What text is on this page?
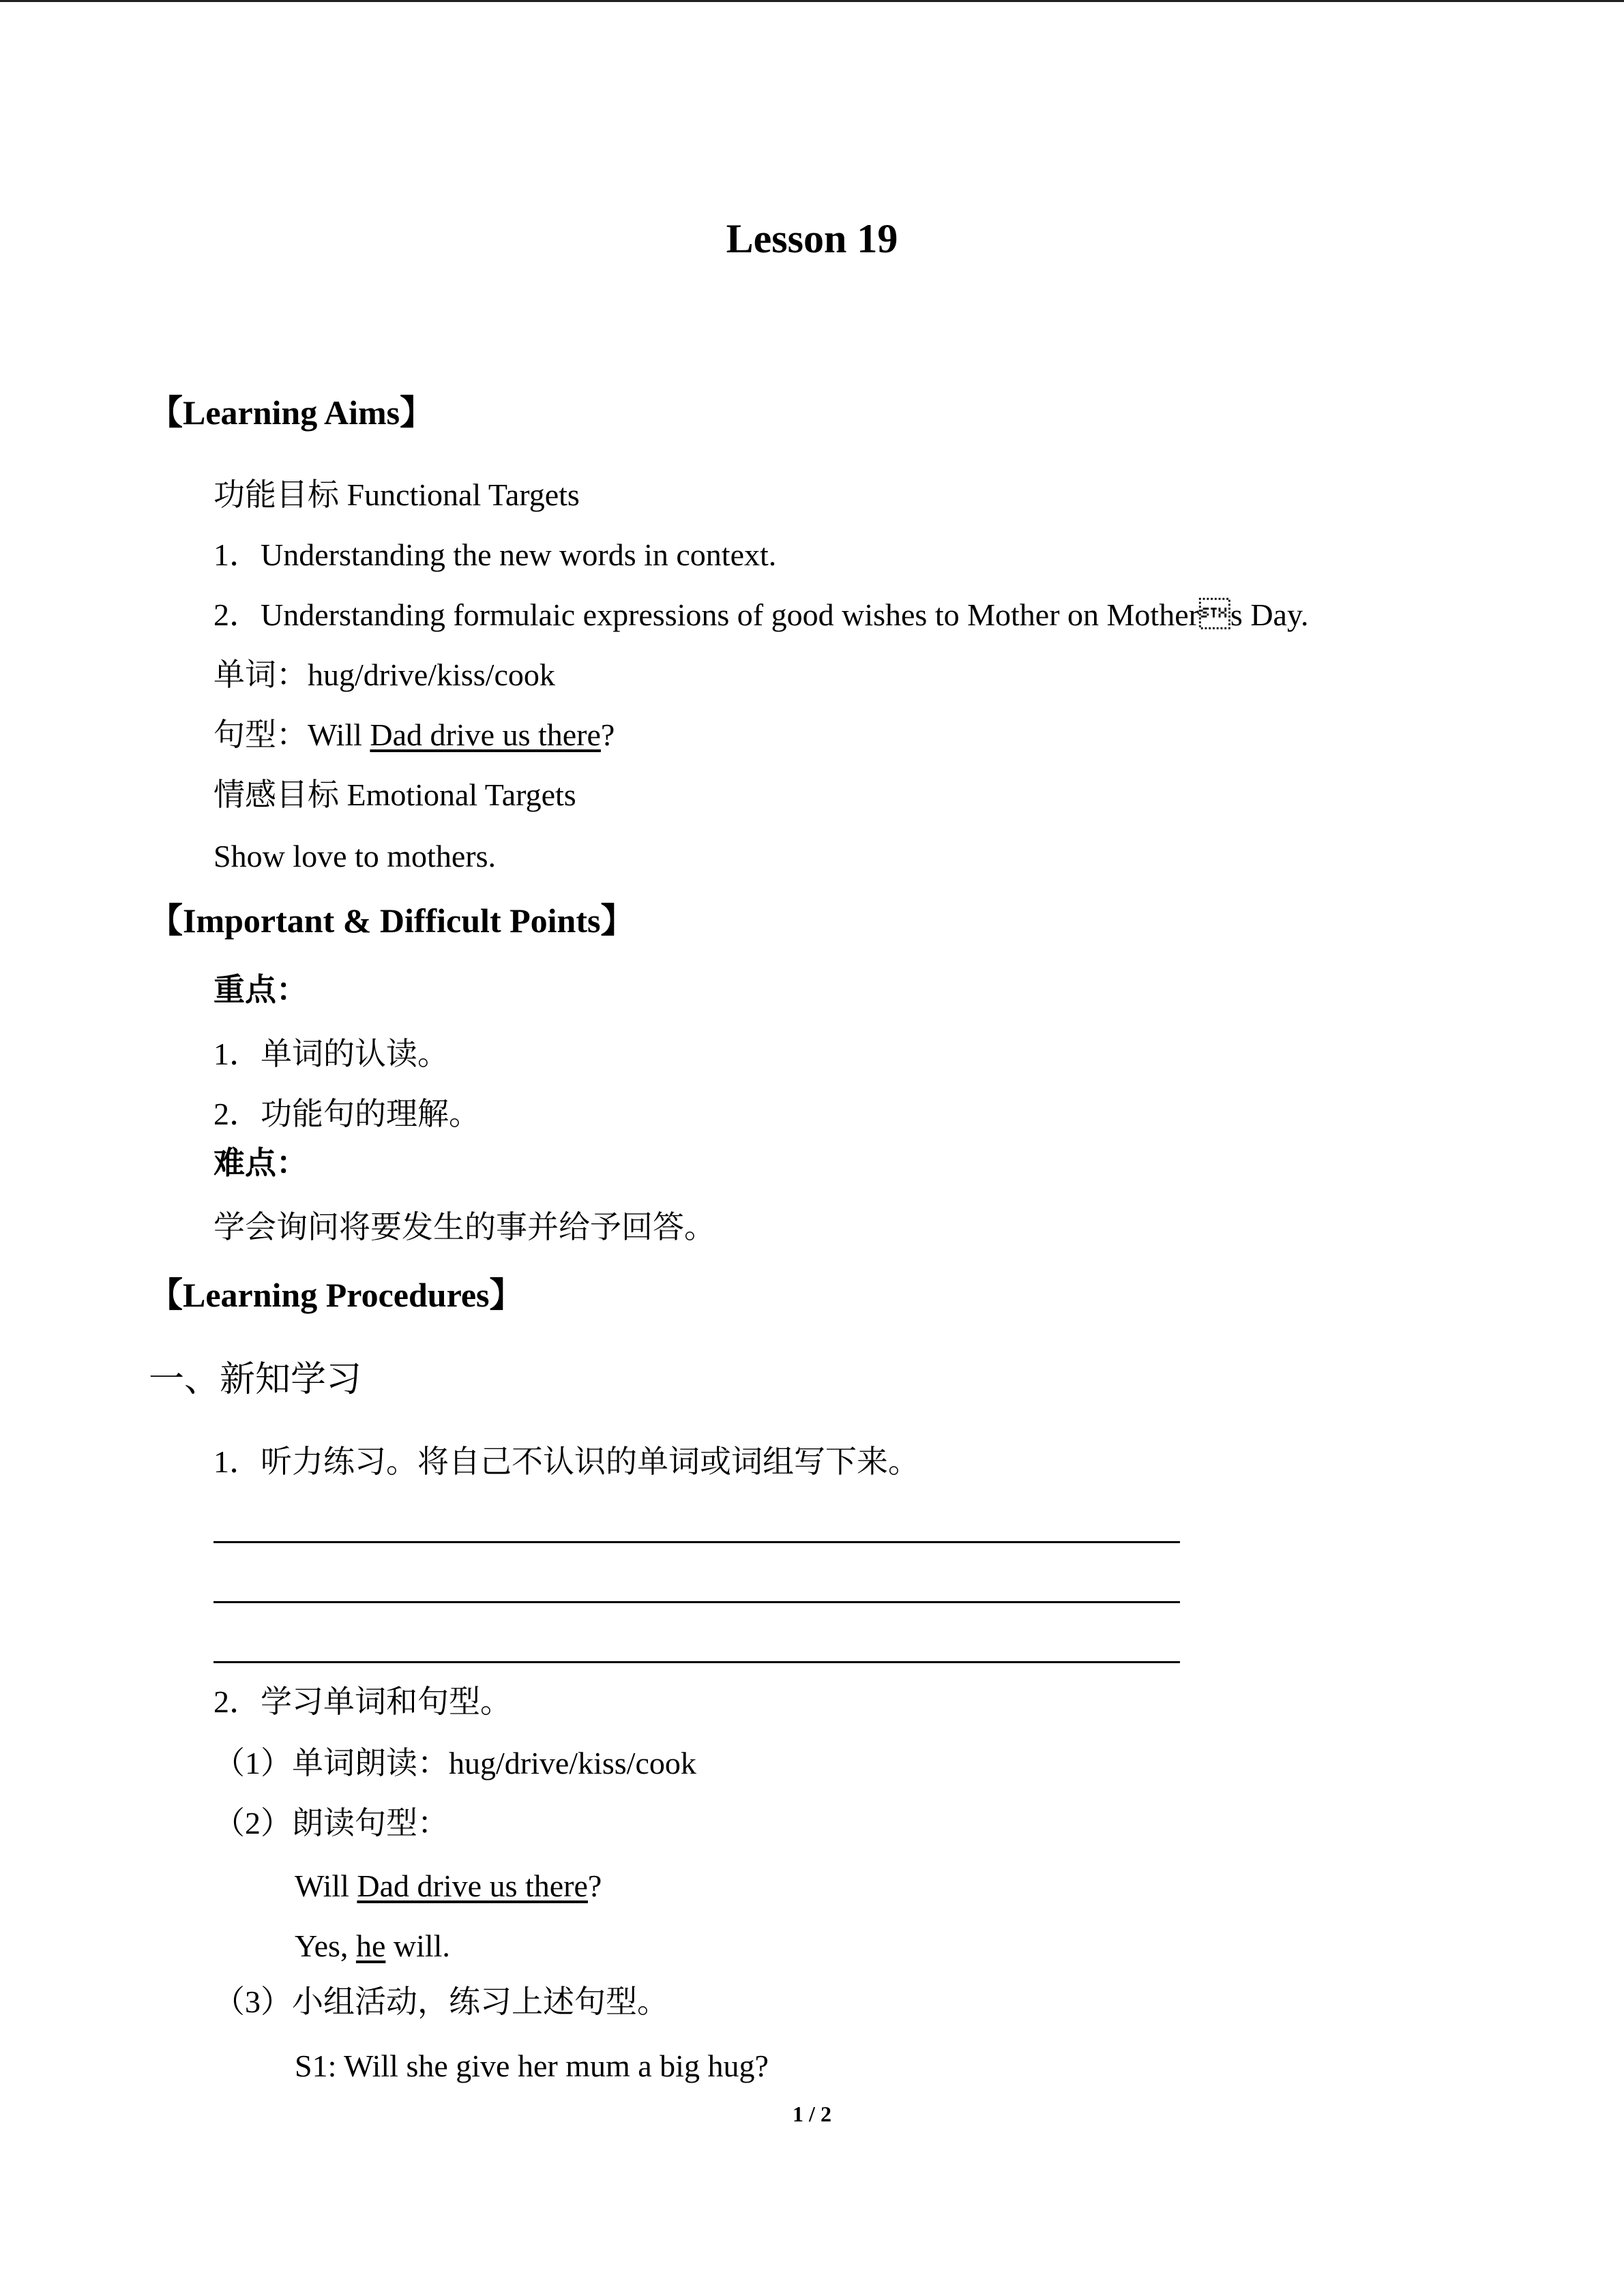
Lesson 19
【Learning Aims】
功能目标 Functional Targets
1．Understanding the new words in context.
2．Understanding formulaic expressions of good wishes to Mother on Mothers Day.
单词：hug/drive/kiss/cook
句型：Will Dad drive us there?
情感目标 Emotional Targets
Show love to mothers.
【Important & Difficult Points】
重点：
1．单词的认读。
2．功能句的理解。
难点：
学会询问将要发生的事并给予回答。
【Learning Procedures】
一、新知学习
1．听力练习。将自己不认识的单词或词组写下来。
2．学习单词和句型。
（1）单词朗读：hug/drive/kiss/cook
（2）朗读句型：
Will Dad drive us there?
Yes, he will.
（3）小组活动，练习上述句型。
S1: Will she give her mum a big hug?
1 / 2
